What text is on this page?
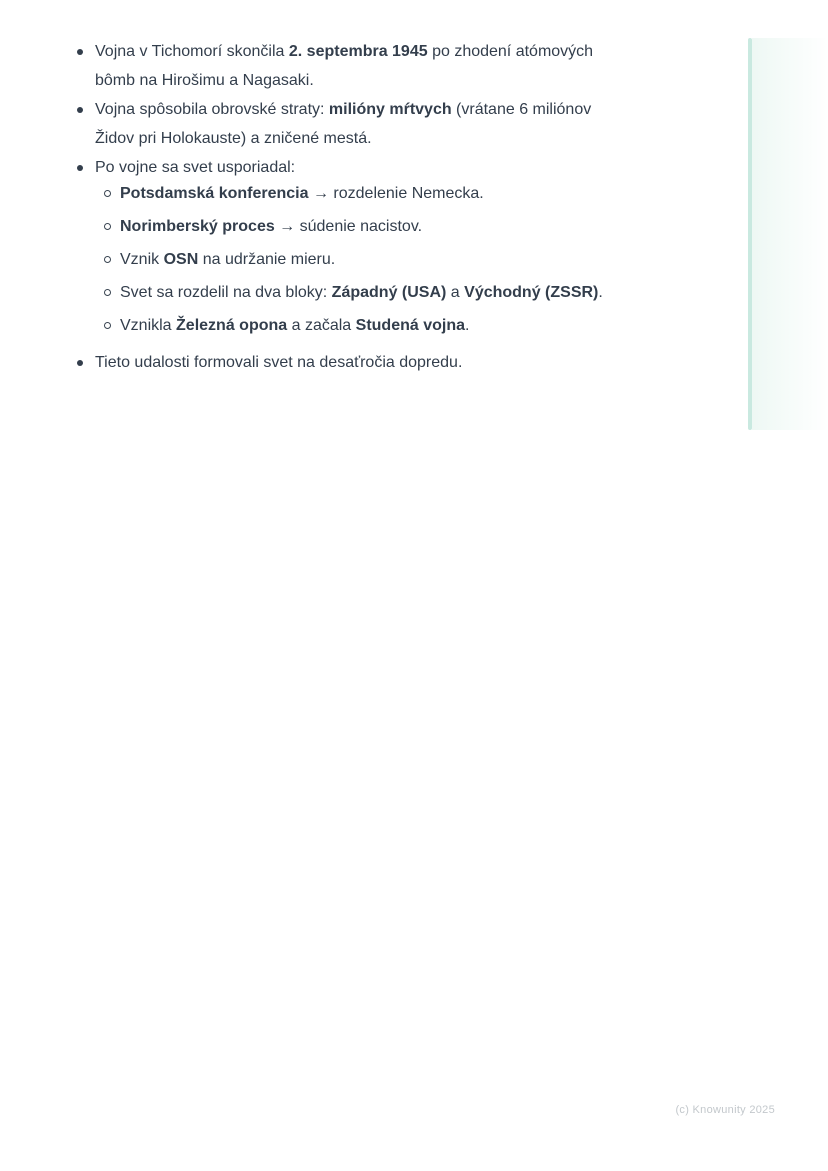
Vojna v Tichomorí skončila 2. septembra 1945 po zhodení atómových
bômb na Hirošimu a Nagasaki.
Vojna spôsobila obrovské straty: milióny mŕtvych (vrátane 6 miliónov
Židov pri Holokauste) a zničené mestá.
Po vojne sa svet usporiadal:
Potsdamská konferencia → rozdelenie Nemecka.
Norimberský proces → súdenie nacistov.
Vznik OSN na udržanie mieru.
Svet sa rozdelil na dva bloky: Západný (USA) a Východný (ZSSR).
Vznikla Železná opona a začala Studená vojna.
Tieto udalosti formovali svet na desaťročia dopredu.
(c) Knowunity 2025
